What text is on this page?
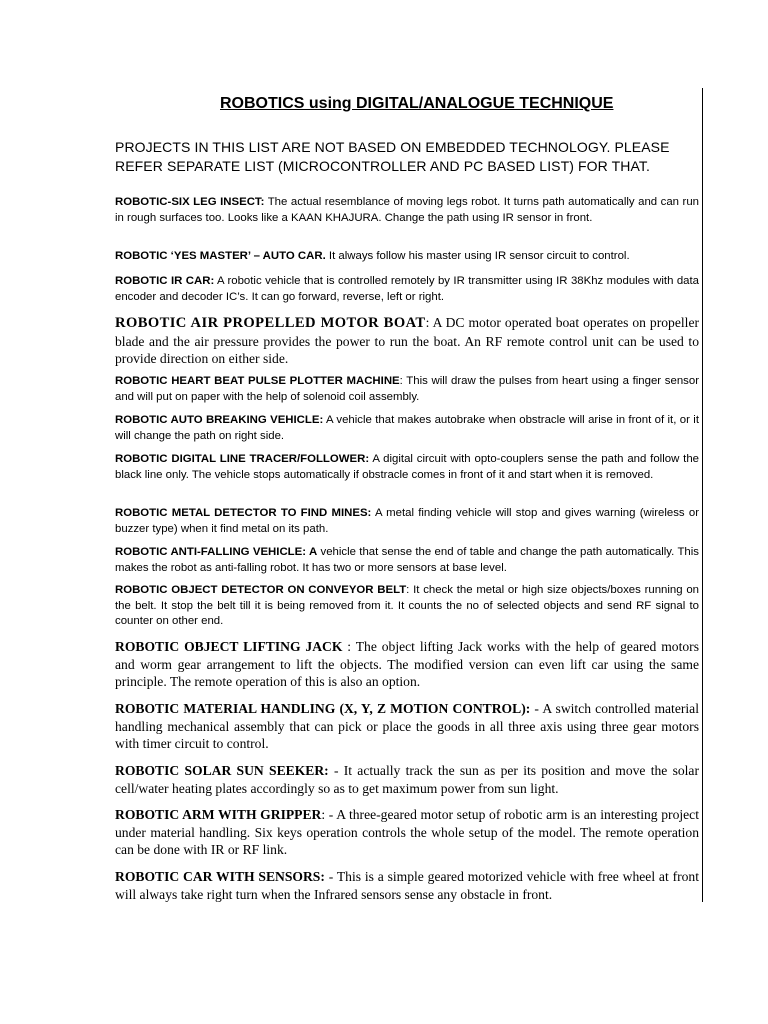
ROBOTICS using DIGITAL/ANALOGUE TECHNIQUE

PROJECTS IN THIS LIST ARE NOT BASED ON EMBEDDED TECHNOLOGY. PLEASE REFER SEPARATE LIST (MICROCONTROLLER AND PC BASED LIST) FOR THAT.

ROBOTIC-SIX LEG INSECT: The actual resemblance of moving legs robot. It turns path automatically and can run in rough surfaces too. Looks like a KAAN KHAJURA. Change the path using IR sensor in front.

ROBOTIC ‘YES MASTER’ – AUTO CAR. It always follow his master using IR sensor circuit to control.

ROBOTIC IR CAR: A robotic vehicle that is controlled remotely by IR transmitter using IR 38Khz modules with data encoder and decoder IC’s. It can go forward, reverse, left or right.

ROBOTIC AIR PROPELLED MOTOR BOAT: A DC motor operated boat operates on propeller blade and the air pressure provides the power to run the boat. An RF remote control unit can be used to provide direction on either side.

ROBOTIC HEART BEAT PULSE PLOTTER MACHINE: This will draw the pulses from heart using a finger sensor and will put on paper with the help of solenoid coil assembly.

ROBOTIC AUTO BREAKING VEHICLE: A vehicle that makes autobrake when obstracle will arise in front of it, or it will change the path on right side.

ROBOTIC DIGITAL LINE TRACER/FOLLOWER: A digital circuit with opto-couplers sense the path and follow the black line only. The vehicle stops automatically if obstracle comes in front of it and start when it is removed.

ROBOTIC METAL DETECTOR TO FIND MINES: A metal finding vehicle will stop and gives warning (wireless or buzzer type) when it find metal on its path.

ROBOTIC ANTI-FALLING VEHICLE: A vehicle that sense the end of table and change the path automatically. This makes the robot as anti-falling robot. It has two or more sensors at base level.

ROBOTIC OBJECT DETECTOR ON CONVEYOR BELT: It check the metal or high size objects/boxes running on the belt. It stop the belt till it is being removed from it. It counts the no of selected objects and send RF signal to counter on other end.

ROBOTIC OBJECT LIFTING JACK : The object lifting Jack works with the help of geared motors and worm gear arrangement to lift the objects. The modified version can even lift car using the same principle. The remote operation of this is also an option.

ROBOTIC MATERIAL HANDLING (X, Y, Z MOTION CONTROL): - A switch controlled material handling mechanical assembly that can pick or place the goods in all three axis using three gear motors with timer circuit to control.

ROBOTIC SOLAR SUN SEEKER: - It actually track the sun as per its position and move the solar cell/water heating plates accordingly so as to get maximum power from sun light.

ROBOTIC ARM WITH GRIPPER: - A three-geared motor setup of robotic arm is an interesting project under material handling. Six keys operation controls the whole setup of the model. The remote operation can be done with IR or RF link.

ROBOTIC CAR WITH SENSORS: - This is a simple geared motorized vehicle with free wheel at front will always take right turn when the Infrared sensors sense any obstacle in front.
